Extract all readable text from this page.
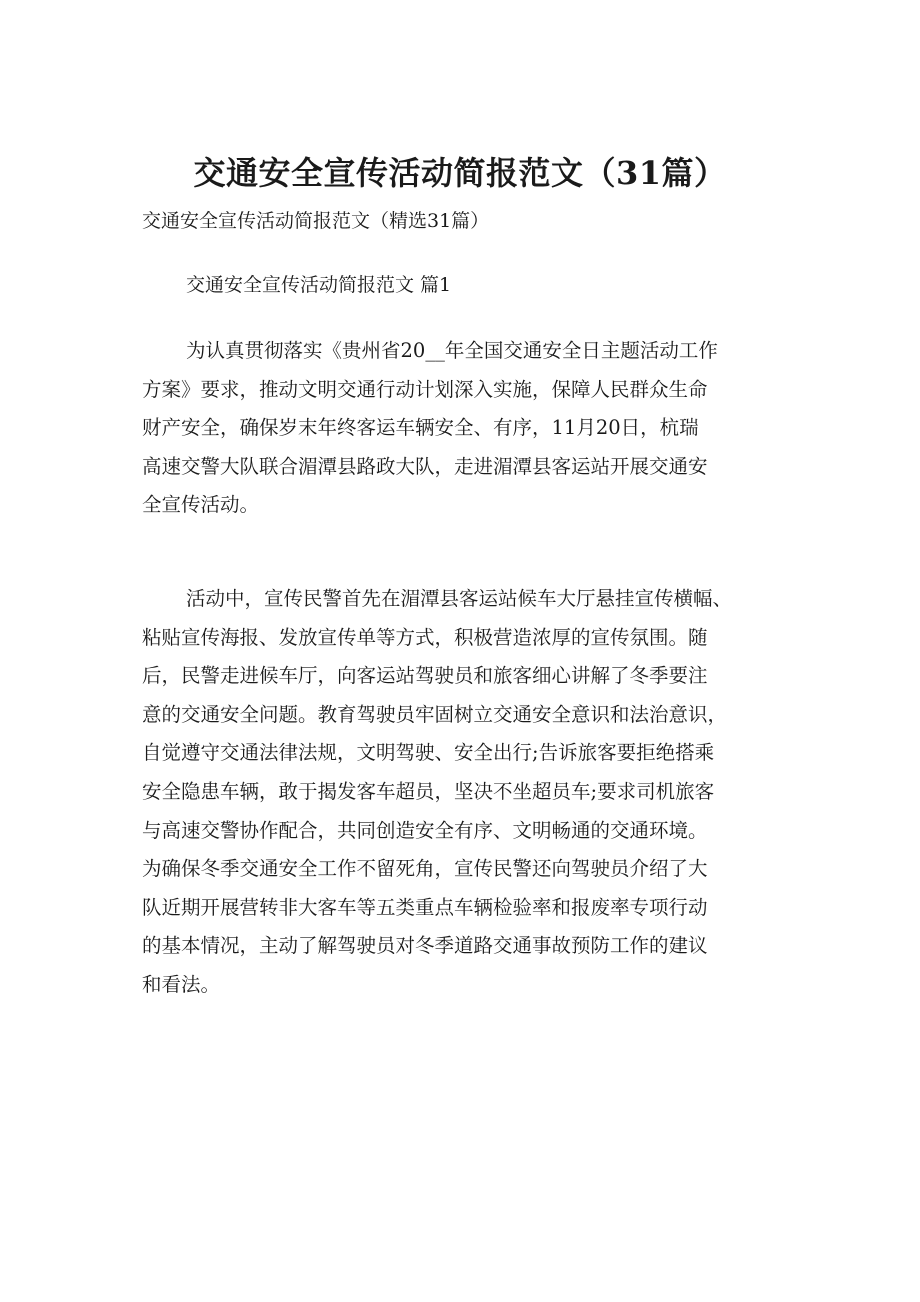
交通安全宣传活动简报范文（31篇）
交通安全宣传活动简报范文（精选31篇）
交通安全宣传活动简报范文 篇1
为认真贯彻落实《贵州省20__年全国交通安全日主题活动工作
方案》要求，推动文明交通行动计划深入实施，保障人民群众生命
财产安全，确保岁末年终客运车辆安全、有序，11月20日，杭瑞
高速交警大队联合湄潭县路政大队，走进湄潭县客运站开展交通安
全宣传活动。
活动中，宣传民警首先在湄潭县客运站候车大厅悬挂宣传横幅、
粘贴宣传海报、发放宣传单等方式，积极营造浓厚的宣传氛围。随
后，民警走进候车厅，向客运站驾驶员和旅客细心讲解了冬季要注
意的交通安全问题。教育驾驶员牢固树立交通安全意识和法治意识，
自觉遵守交通法律法规，文明驾驶、安全出行;告诉旅客要拒绝搭乘
安全隐患车辆，敢于揭发客车超员，坚决不坐超员车;要求司机旅客
与高速交警协作配合，共同创造安全有序、文明畅通的交通环境。
为确保冬季交通安全工作不留死角，宣传民警还向驾驶员介绍了大
队近期开展营转非大客车等五类重点车辆检验率和报废率专项行动
的基本情况，主动了解驾驶员对冬季道路交通事故预防工作的建议
和看法。
